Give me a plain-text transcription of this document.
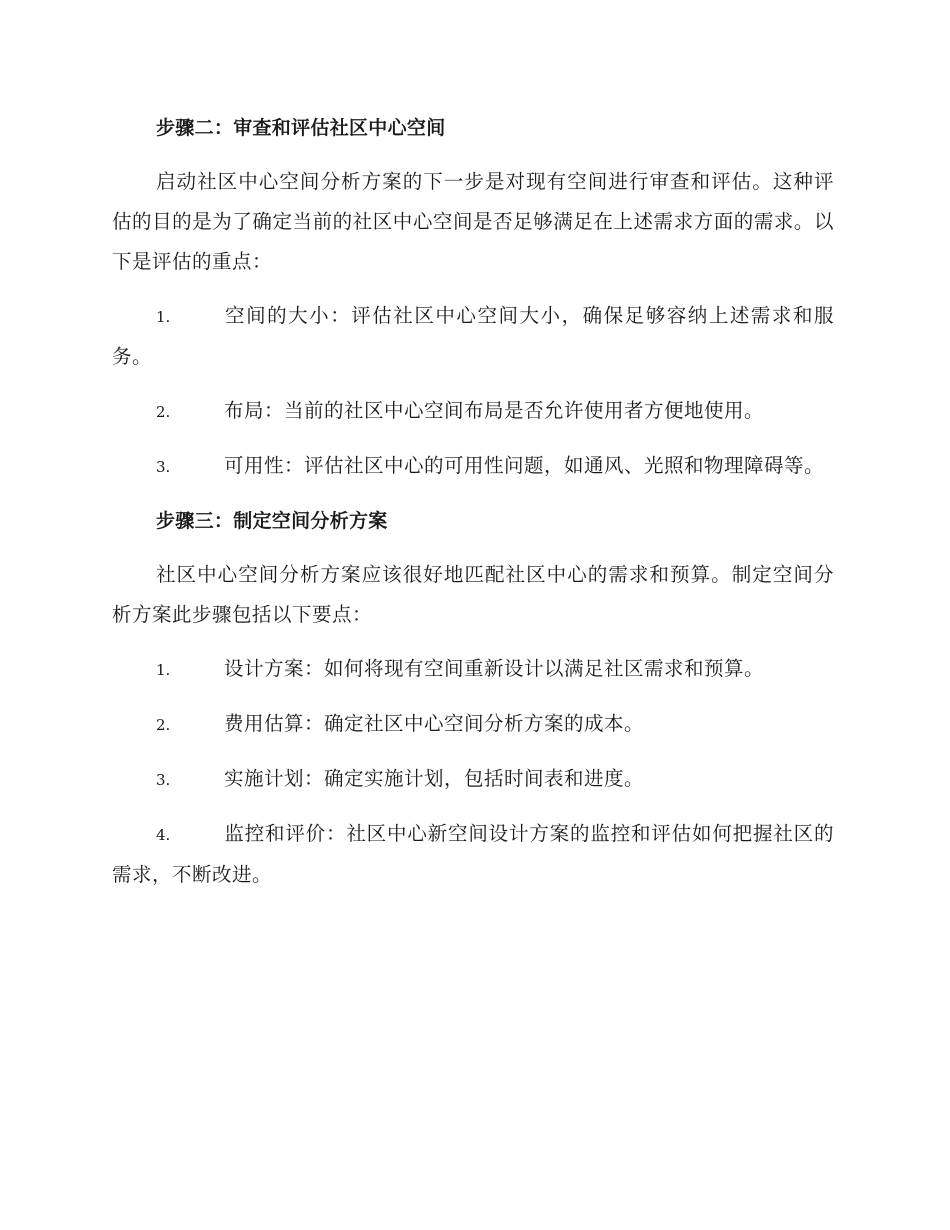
步骤二：审查和评估社区中心空间

启动社区中心空间分析方案的下一步是对现有空间进行审查和评估。这种评估的目的是为了确定当前的社区中心空间是否足够满足在上述需求方面的需求。以下是评估的重点：

1.	空间的大小：评估社区中心空间大小，确保足够容纳上述需求和服务。

2.	布局：当前的社区中心空间布局是否允许使用者方便地使用。

3.	可用性：评估社区中心的可用性问题，如通风、光照和物理障碍等。

步骤三：制定空间分析方案

社区中心空间分析方案应该很好地匹配社区中心的需求和预算。制定空间分析方案此步骤包括以下要点：

1.	设计方案：如何将现有空间重新设计以满足社区需求和预算。

2.	费用估算：确定社区中心空间分析方案的成本。

3.	实施计划：确定实施计划，包括时间表和进度。

4.	监控和评价：社区中心新空间设计方案的监控和评估如何把握社区的需求，不断改进。
